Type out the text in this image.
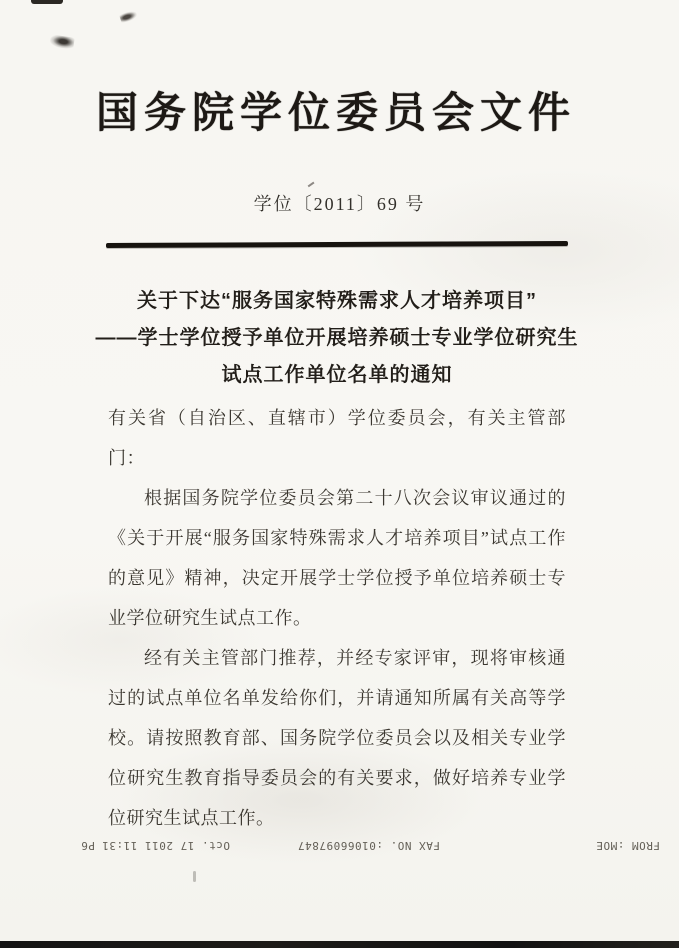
国务院学位委员会文件
学位〔2011〕69 号
关于下达“服务国家特殊需求人才培养项目”
——学士学位授予单位开展培养硕士专业学位研究生
试点工作单位名单的通知

有关省（自治区、直辖市）学位委员会，有关主管部门：

根据国务院学位委员会第二十八次会议审议通过的《关于开展“服务国家特殊需求人才培养项目”试点工作的意见》精神，决定开展学士学位授予单位培养硕士专业学位研究生试点工作。

经有关主管部门推荐，并经专家评审，现将审核通过的试点单位名单发给你们，并请通知所属有关高等学校。请按照教育部、国务院学位委员会以及相关专业学位研究生教育指导委员会的有关要求，做好培养专业学位研究生试点工作。

FROM :MOE
FAX NO. :01066097847
Oct. 17 2011 11:31
P6
